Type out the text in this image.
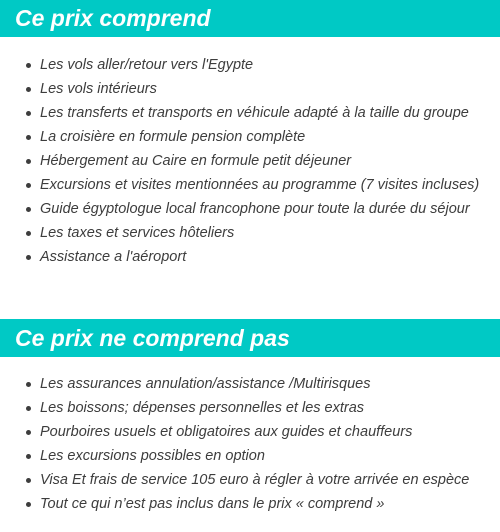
Ce prix comprend
Les vols aller/retour vers l'Egypte
Les vols intérieurs
Les transferts et transports en véhicule adapté à la taille du groupe
La croisière en formule pension complète
Hébergement au Caire en formule petit déjeuner
Excursions et visites mentionnées au programme (7 visites incluses)
Guide égyptologue local francophone pour toute la durée du séjour
Les taxes et services hôteliers
Assistance a l'aéroport
Ce prix ne comprend pas
Les assurances annulation/assistance /Multirisques
Les boissons; dépenses personnelles et les extras
Pourboires usuels et obligatoires aux guides et chauffeurs
Les excursions possibles en option
Visa Et frais de service 105 euro à régler à votre arrivée en espèce
Tout ce qui n’est pas inclus dans le prix « comprend »
